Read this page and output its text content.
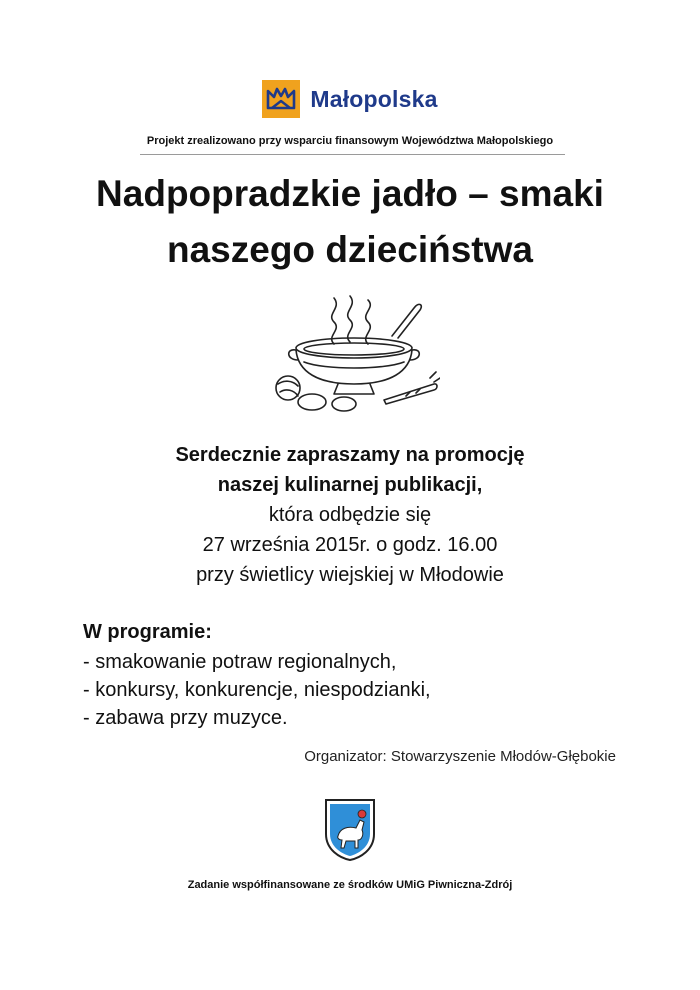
Małopolska
Projekt zrealizowano przy wsparciu finansowym Województwa Małopolskiego
Nadpopradzkie jadło – smaki
naszego dzieciństwa
Serdecznie zapraszamy na promocję
naszej kulinarnej publikacji,
która odbędzie się
27 września 2015r. o godz. 16.00
przy świetlicy wiejskiej w Młodowie
W programie:
- smakowanie potraw regionalnych,
- konkursy, konkurencje, niespodzianki,
- zabawa przy muzyce.
Organizator: Stowarzyszenie Młodów-Głębokie
Zadanie współfinansowane ze środków UMiG Piwniczna-Zdrój
